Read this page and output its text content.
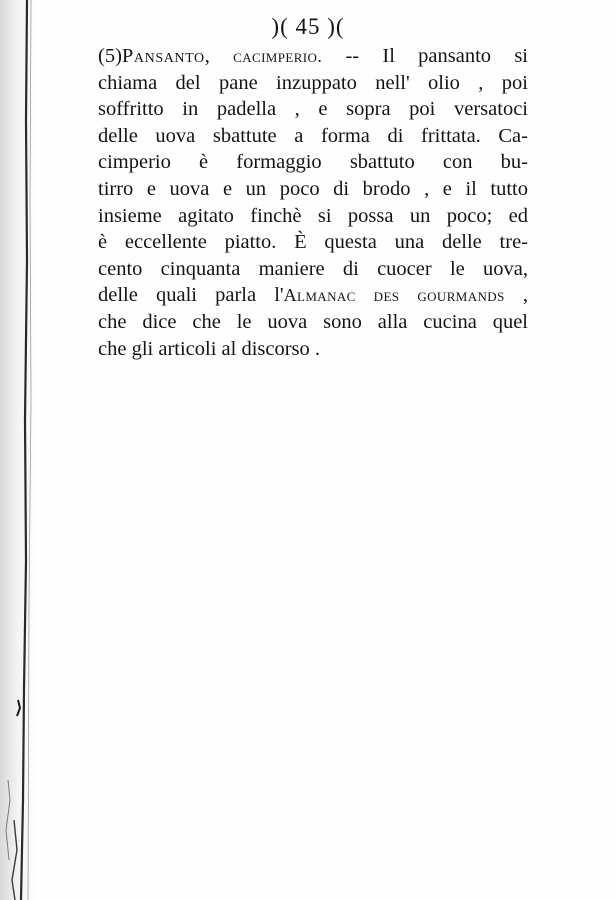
)( 45 )(
(5)Pansanto, cacimperio. -- Il pansanto si
chiama del pane inzuppato nell' olio , poi
soffritto in padella , e sopra poi versatoci
delle uova sbattute a forma di frittata. Ca-
cimperio è formaggio sbattuto con bu-
tirro e uova e un poco di brodo , e il tutto
insieme agitato finchè si possa un poco; ed
è eccellente piatto. È questa una delle tre-
cento cinquanta maniere di cuocer le uova,
delle quali parla l'Almanac des gourmands ,
che dice che le uova sono alla cucina quel
che gli articoli al discorso .
